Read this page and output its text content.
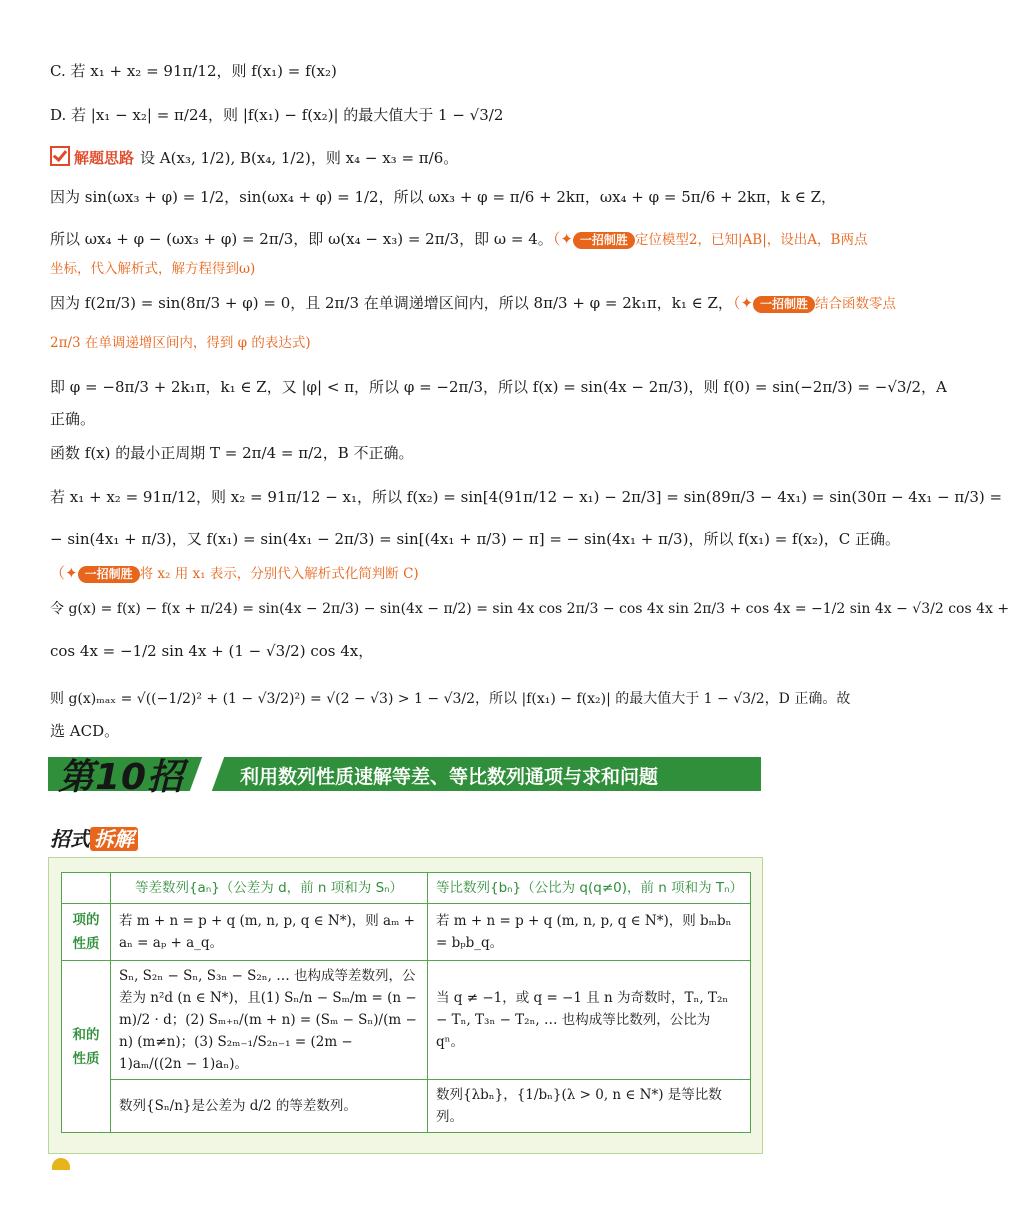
C. 若 x₁ + x₂ = 91π/12，则 f(x₁) = f(x₂)
D. 若 |x₁ − x₂| = π/24，则 |f(x₁) − f(x₂)| 的最大值大于 1 − √3/2
解题思路 设 A(x₃, 1/2), B(x₄, 1/2)，则 x₄ − x₃ = π/6。
因为 sin(ωx₃ + φ) = 1/2，sin(ωx₄ + φ) = 1/2，所以 ωx₃ + φ = π/6 + 2kπ，ωx₄ + φ = 5π/6 + 2kπ，k ∈ Z，
所以 ωx₄ + φ − (ωx₃ + φ) = 2π/3，即 ω(x₄ − x₃) = 2π/3，即 ω = 4。（✦ 一招制胜 定位模型2，已知|AB|，设出A，B两点
坐标，代入解析式，解方程得到ω)
因为 f(2π/3) = sin(8π/3 + φ) = 0，且 2π/3 在单调递增区间内，所以 8π/3 + φ = 2k₁π，k₁ ∈ Z，（✦ 一招制胜 结合函数零点
2π/3 在单调递增区间内，得到 φ 的表达式)
即 φ = −8π/3 + 2k₁π，k₁ ∈ Z，又 |φ| < π，所以 φ = −2π/3，所以 f(x) = sin(4x − 2π/3)，则 f(0) = sin(−2π/3) = −√3/2，A
正确。
函数 f(x) 的最小正周期 T = 2π/4 = π/2，B 不正确。
若 x₁ + x₂ = 91π/12，则 x₂ = 91π/12 − x₁，所以 f(x₂) = sin[4(91π/12 − x₁) − 2π/3] = sin(89π/3 − 4x₁) = sin(30π − 4x₁ − π/3) =
− sin(4x₁ + π/3)，又 f(x₁) = sin(4x₁ − 2π/3) = sin[(4x₁ + π/3) − π] = − sin(4x₁ + π/3)，所以 f(x₁) = f(x₂)，C 正确。
（✦ 一招制胜 将 x₂ 用 x₁ 表示，分别代入解析式化简判断 C)
令 g(x) = f(x) − f(x + π/24) = sin(4x − 2π/3) − sin(4x − π/2) = sin 4x cos 2π/3 − cos 4x sin 2π/3 + cos 4x = −1/2 sin 4x − √3/2 cos 4x +
cos 4x = −1/2 sin 4x + (1 − √3/2) cos 4x，
则 g(x)ₘₐₓ = √((−1/2)² + (1 − √3/2)²) = √(2 − √3) > 1 − √3/2，所以 |f(x₁) − f(x₂)| 的最大值大于 1 − √3/2，D 正确。故
选 ACD。
第10招	利用数列性质速解等差、等比数列通项与求和问题
招式 拆解
	等差数列{aₙ}（公差为 d，前 n 项和为 Sₙ）	等比数列{bₙ}（公比为 q(q≠0)，前 n 项和为 Tₙ）
项的性质	若 m + n = p + q (m, n, p, q ∈ N*)，则 aₘ + aₙ = aₚ + a_q。	若 m + n = p + q (m, n, p, q ∈ N*)，则 bₘbₙ = bₚb_q。
和的性质	Sₙ, S₂ₙ − Sₙ, S₃ₙ − S₂ₙ, … 也构成等差数列，公差为 n²d (n ∈ N*)，且(1) Sₙ/n − Sₘ/m = (n − m)/2 · d；(2) Sₘ₊ₙ/(m + n) = (Sₘ − Sₙ)/(m − n) (m≠n)；(3) S₂ₘ₋₁/S₂ₙ₋₁ = (2m − 1)aₘ/((2n − 1)aₙ)。	当 q ≠ −1，或 q = −1 且 n 为奇数时，Tₙ, T₂ₙ − Tₙ, T₃ₙ − T₂ₙ, … 也构成等比数列，公比为 qⁿ。
	数列{Sₙ/n}是公差为 d/2 的等差数列。	数列{λbₙ}，{1/bₙ}(λ > 0, n ∈ N*) 是等比数列。
